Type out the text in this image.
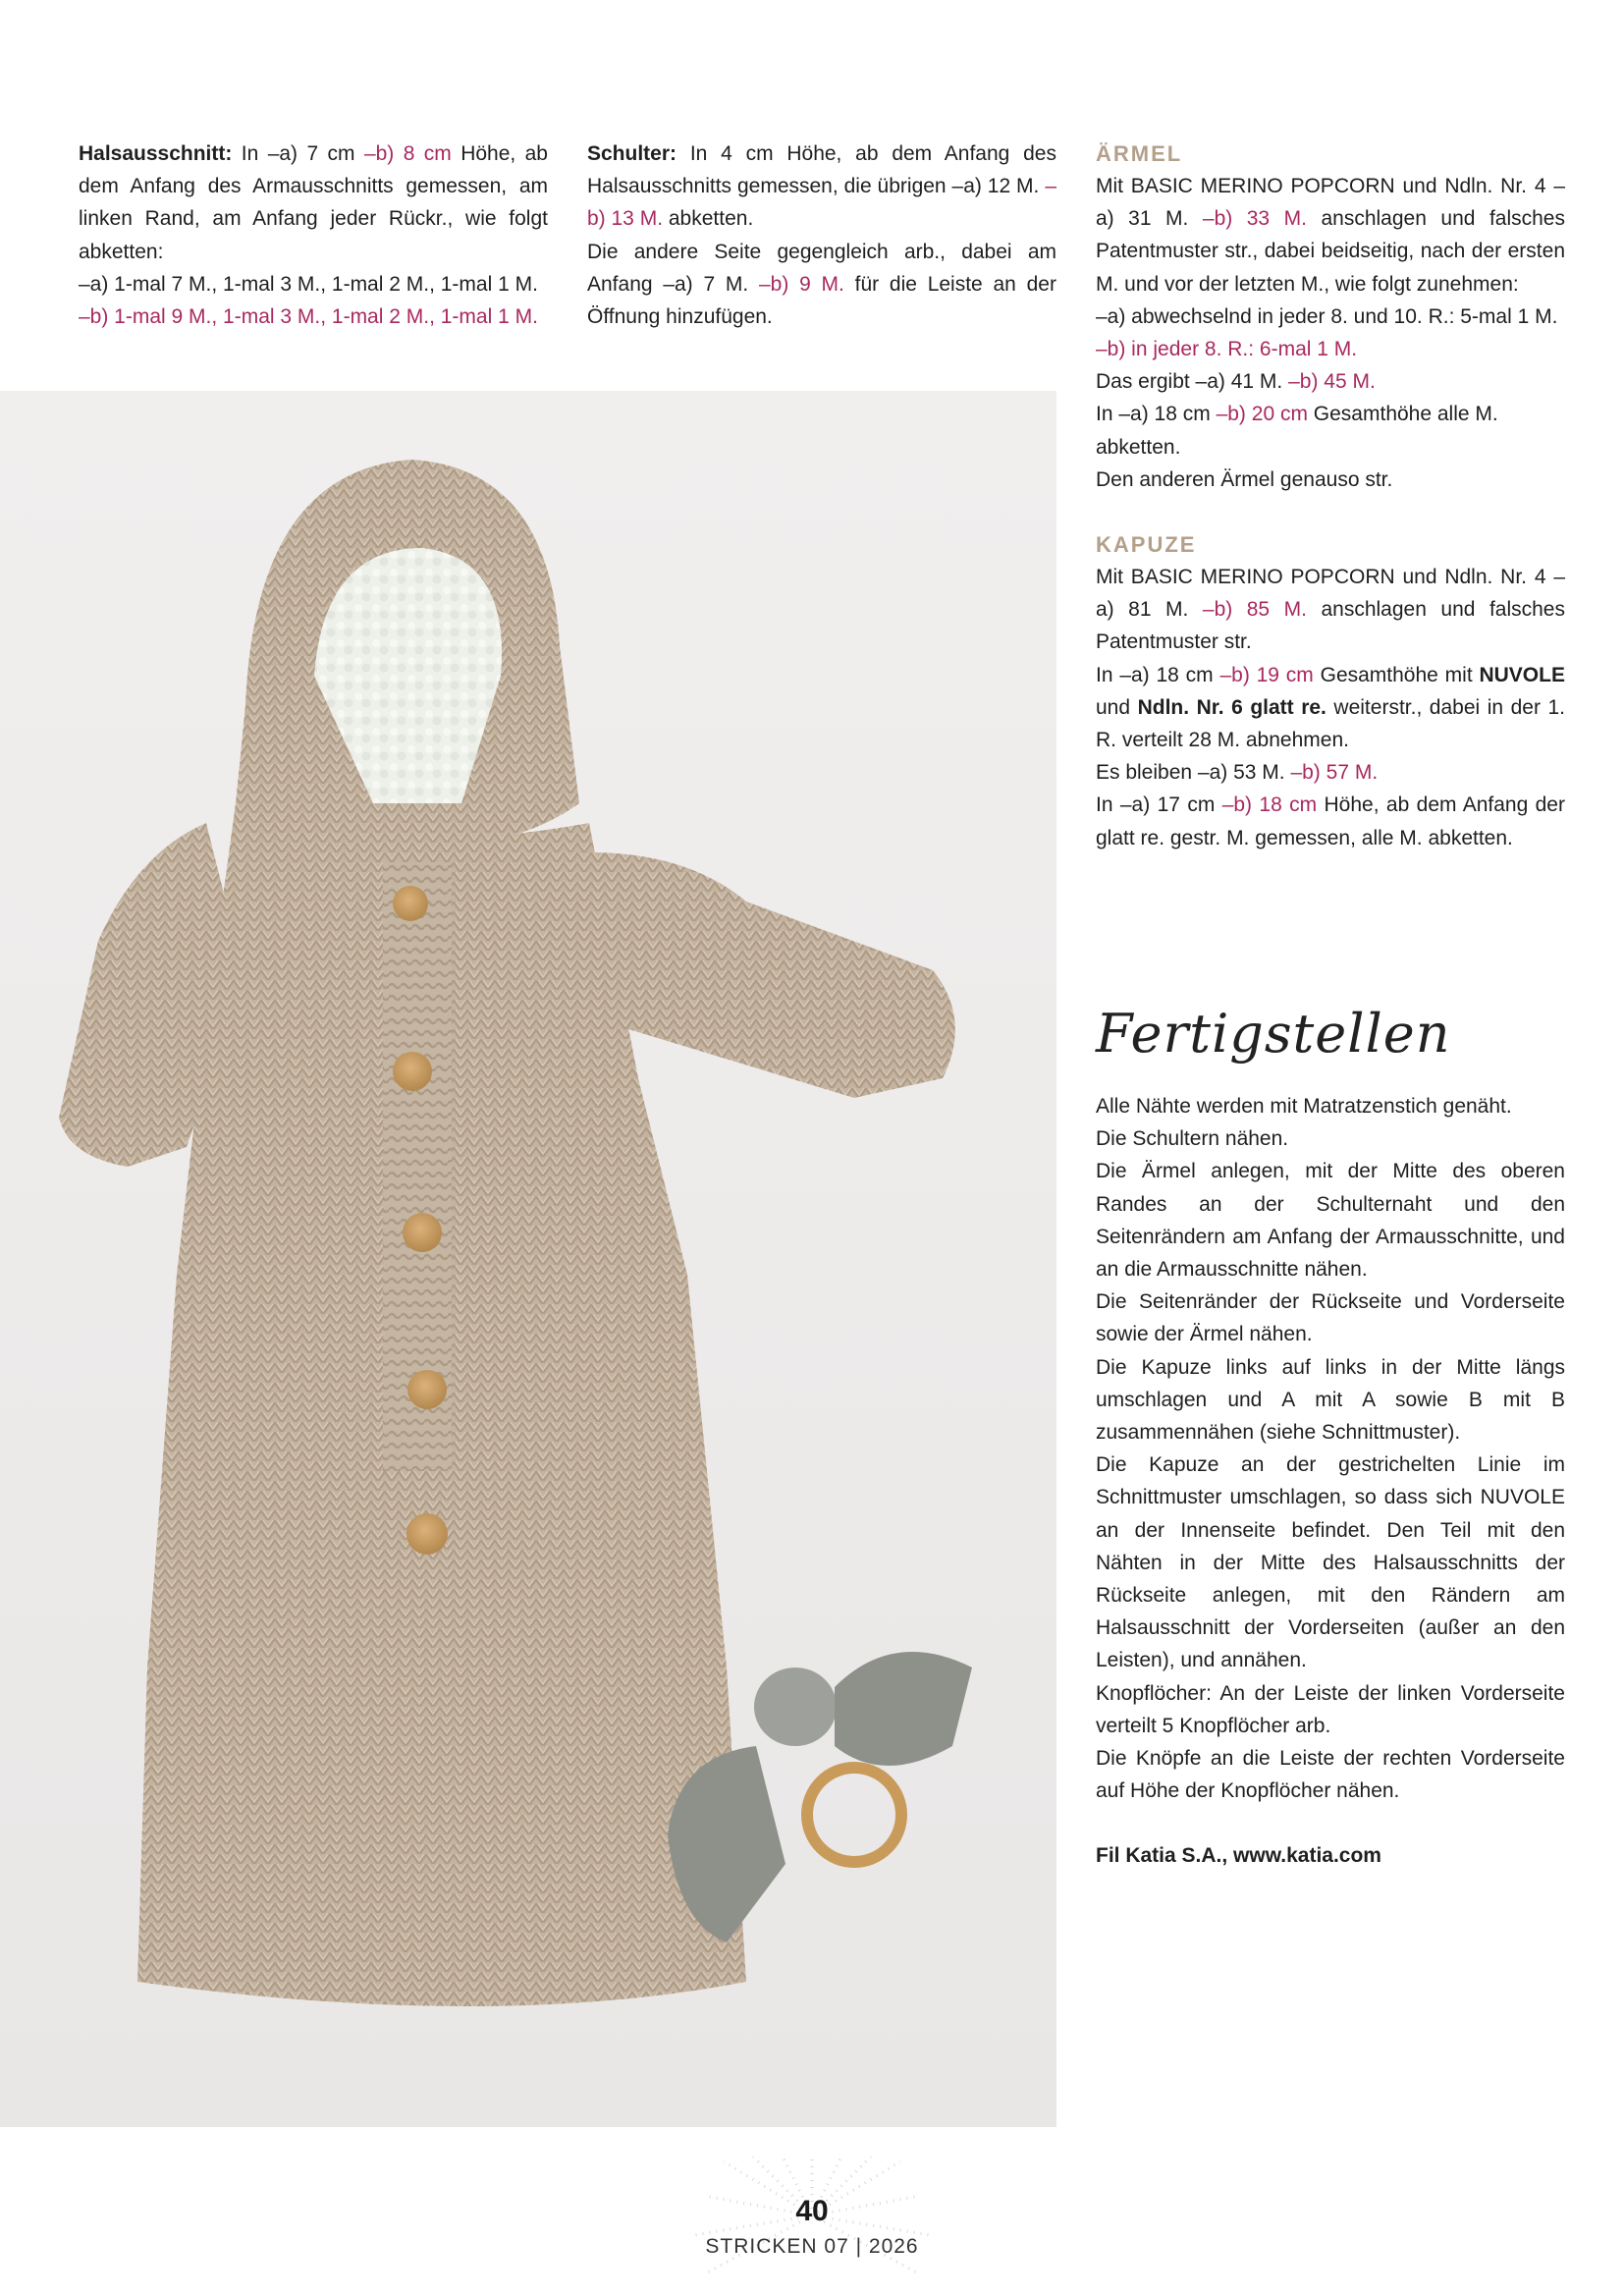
Halsausschnitt: In –a) 7 cm –b) 8 cm Höhe, ab dem Anfang des Armausschnitts gemessen, am linken Rand, am Anfang jeder Rückr., wie folgt abketten:

–a) 1-mal 7 M., 1-mal 3 M., 1-mal 2 M., 1-mal 1 M.

–b) 1-mal 9 M., 1-mal 3 M., 1-mal 2 M., 1-mal 1 M.

Schulter: In 4 cm Höhe, ab dem Anfang des Halsausschnitts gemessen, die übrigen –a) 12 M. –b) 13 M. abketten.

Die andere Seite gegengleich arb., dabei am Anfang –a) 7 M. –b) 9 M. für die Leiste an der Öffnung hinzufügen.

ÄRMEL

Mit BASIC MERINO POPCORN und Ndln. Nr. 4 –a) 31 M. –b) 33 M. anschlagen und falsches Patentmuster str., dabei beidseitig, nach der ersten M. und vor der letzten M., wie folgt zunehmen:

–a) abwechselnd in jeder 8. und 10. R.: 5-mal 1 M.

–b) in jeder 8. R.: 6-mal 1 M.

Das ergibt –a) 41 M. –b) 45 M.

In –a) 18 cm –b) 20 cm Gesamthöhe alle M. abketten.

Den anderen Ärmel genauso str.

KAPUZE

Mit BASIC MERINO POPCORN und Ndln. Nr. 4 –a) 81 M. –b) 85 M. anschlagen und falsches Patentmuster str.

In –a) 18 cm –b) 19 cm Gesamthöhe mit NUVOLE und Ndln. Nr. 6 glatt re. weiterstr., dabei in der 1. R. verteilt 28 M. abnehmen.

Es bleiben –a) 53 M. –b) 57 M.

In –a) 17 cm –b) 18 cm Höhe, ab dem Anfang der glatt re. gestr. M. gemessen, alle M. abketten.

Fertigstellen

Alle Nähte werden mit Matratzenstich genäht.

Die Schultern nähen.

Die Ärmel anlegen, mit der Mitte des oberen Randes an der Schulternaht und den Seitenrändern am Anfang der Armausschnitte, und an die Armausschnitte nähen.

Die Seitenränder der Rückseite und Vorderseite sowie der Ärmel nähen.

Die Kapuze links auf links in der Mitte längs umschlagen und A mit A sowie B mit B zusammennähen (siehe Schnittmuster).

Die Kapuze an der gestrichelten Linie im Schnittmuster umschlagen, so dass sich NUVOLE an der Innenseite befindet. Den Teil mit den Nähten in der Mitte des Halsausschnitts der Rückseite anlegen, mit den Rändern am Halsausschnitt der Vorderseiten (außer an den Leisten), und annähen.

Knopflöcher: An der Leiste der linken Vorderseite verteilt 5 Knopflöcher arb.

Die Knöpfe an die Leiste der rechten Vorderseite auf Höhe der Knopflöcher nähen.

Fil Katia S.A., www.katia.com

40
STRICKEN 07 | 2026
